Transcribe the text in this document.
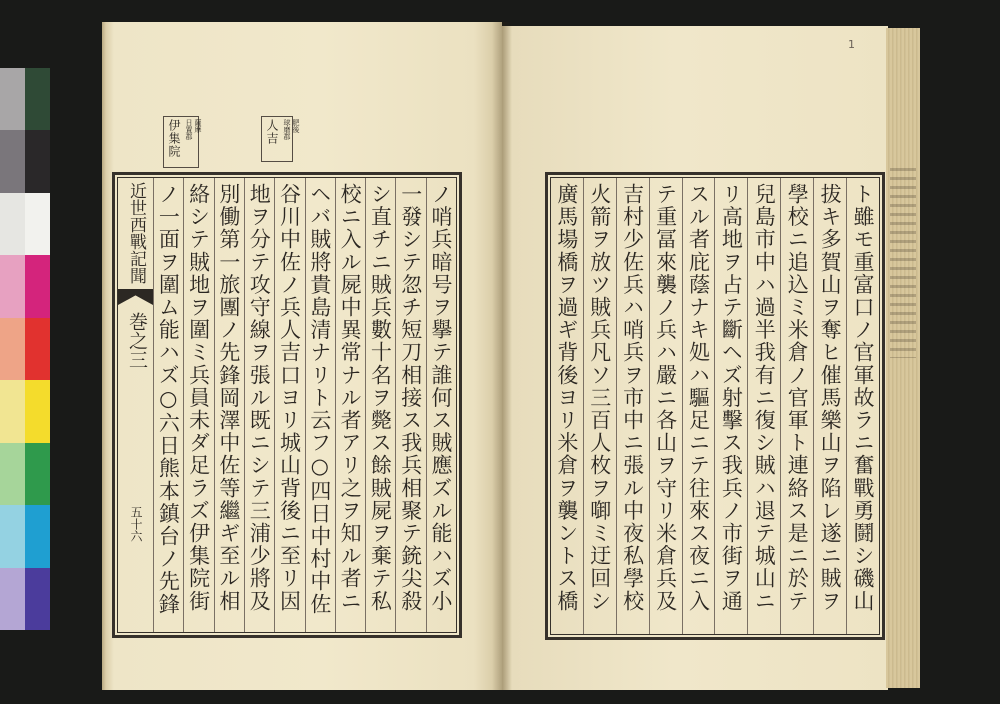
伊集院 薩摩
日置郡	人吉 肥後
球磨郡
近世西戰記聞
巻之三
五十六
ノ哨兵暗号ヲ擧テ誰何ス賊應ズル能ハズ小
一發シテ忽チ短刀相接ス我兵相聚テ銃尖殺
シ直チニ賊兵數十名ヲ斃ス餘賊屍ヲ棄テ私
校ニ入ル屍中異常ナル者アリ之ヲ知ル者ニ
ヘバ賊將貴島清ナリト云フ○四日中村中佐
谷川中佐ノ兵人吉口ヨリ城山背後ニ至リ因
地ヲ分テ攻守線ヲ張ル既ニシテ三浦少將及
別働第一旅團ノ先鋒岡澤中佐等繼ギ至ル相
絡シテ賊地ヲ圍ミ兵員未ダ足ラズ伊集院街
ノ一面ヲ圍ム能ハズ○六日熊本鎮台ノ先鋒
1
ト雖モ重富口ノ官軍故ラニ奮戰勇鬪シ磯山
拔キ多賀山ヲ奪ヒ催馬樂山ヲ陷レ遂ニ賊ヲ
學校ニ追込ミ米倉ノ官軍ト連絡ス是ニ於テ
兒島市中ハ過半我有ニ復シ賊ハ退テ城山ニ
リ高地ヲ占テ斷ヘズ射擊ス我兵ノ市街ヲ通
スル者庇蔭ナキ処ハ驅足ニテ往來ス夜ニ入
テ重冨來襲ノ兵ハ嚴ニ各山ヲ守リ米倉兵及
吉村少佐兵ハ哨兵ヲ市中ニ張ル中夜私學校
火箭ヲ放ツ賊兵凡ソ三百人枚ヲ啣ミ迂回シ
廣馬場橋ヲ過ギ背後ヨリ米倉ヲ襲ントス橋
